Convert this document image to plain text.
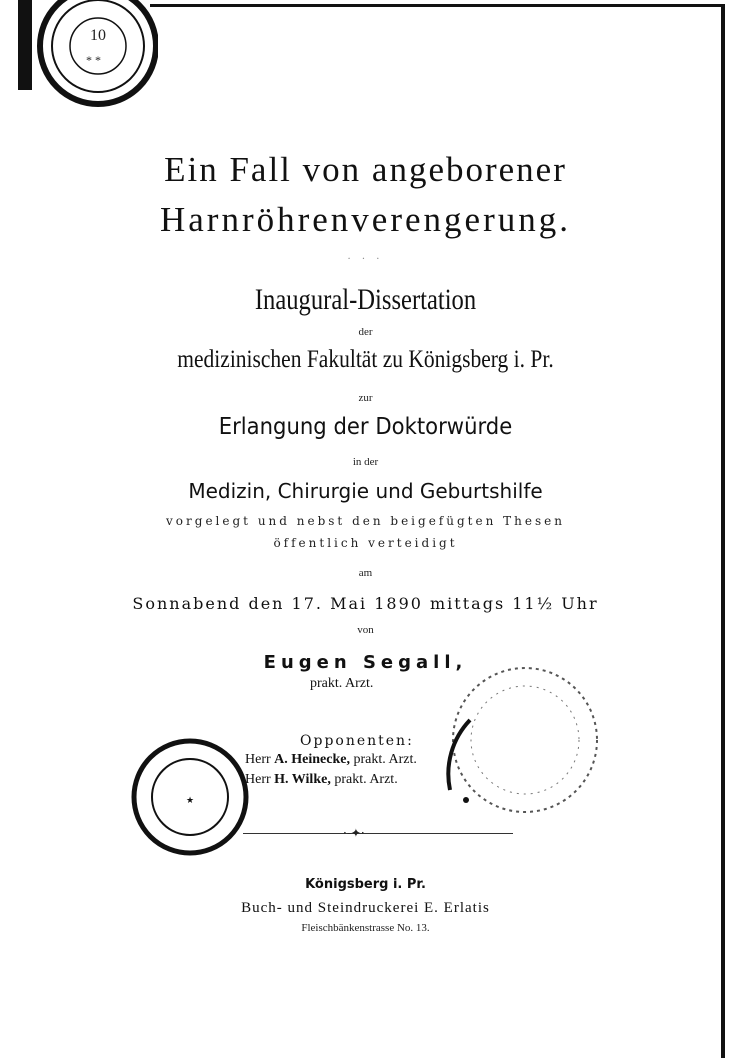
10
* *
Ein Fall von angeborener
Harnröhrenverengerung.
· · ·
Inaugural-Dissertation
der
medizinischen Fakultät zu Königsberg i. Pr.
zur
Erlangung der Doktorwürde
in der
Medizin, Chirurgie und Geburtshilfe
vorgelegt und nebst den beigefügten Thesen
öffentlich verteidigt
am
Sonnabend den 17. Mai 1890 mittags 11½ Uhr
von
Eugen Segall,
prakt. Arzt.
Opponenten:
Herr A. Heinecke, prakt. Arzt.
Herr H. Wilke, prakt. Arzt.
★
·-✦·
Königsberg i. Pr.
Buch- und Steindruckerei E. Erlatis
Fleischbänkenstrasse No. 13.
